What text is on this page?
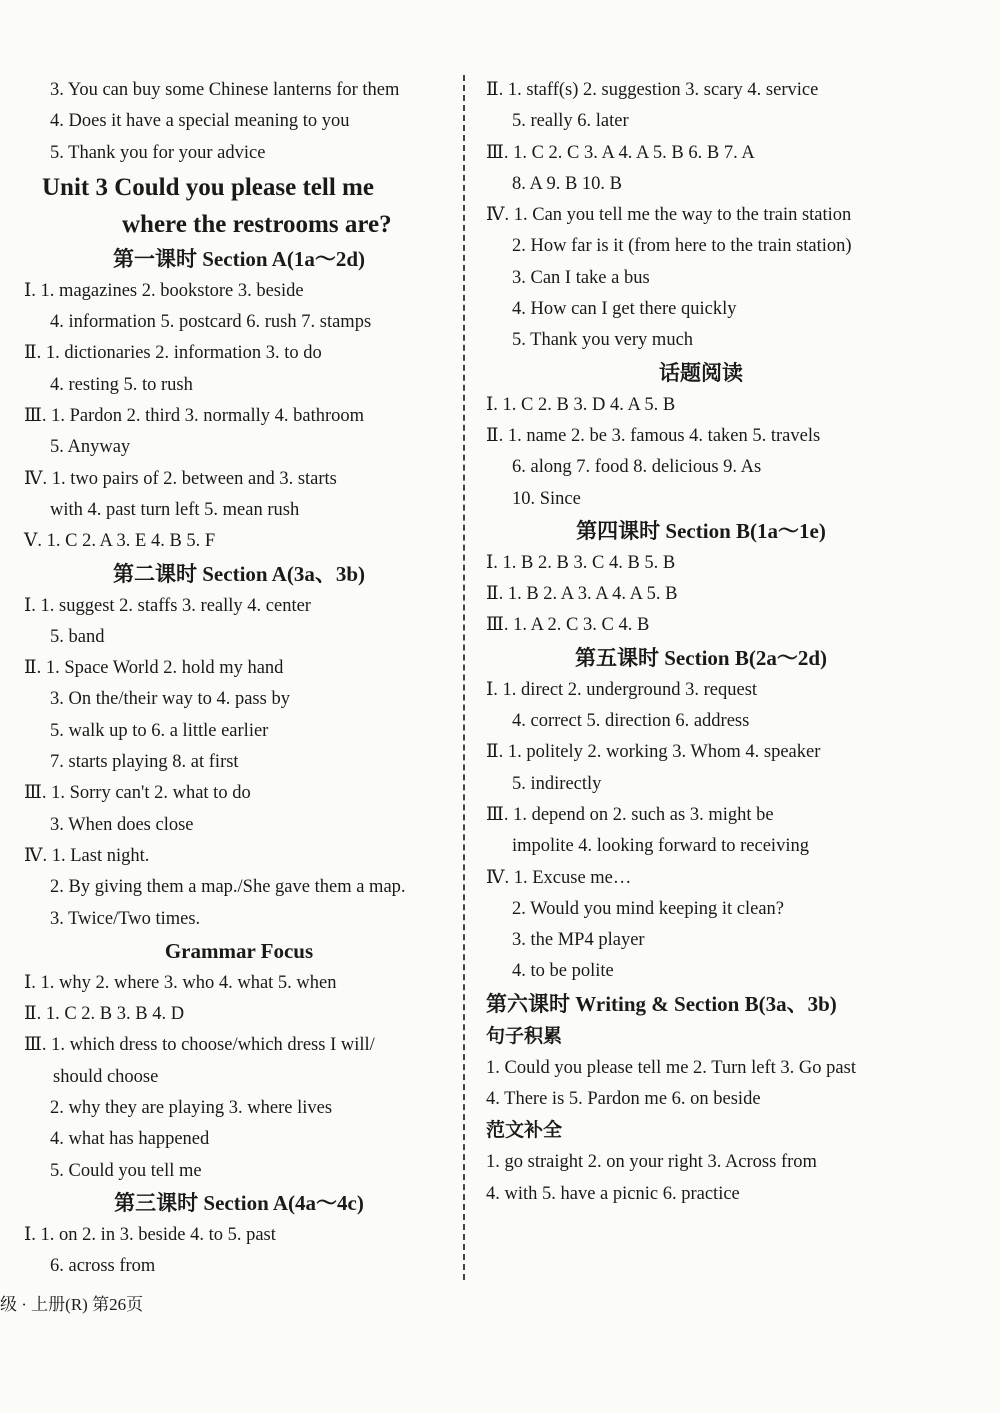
3. You can buy some Chinese lanterns for them
4. Does it have a special meaning to you
5. Thank you for your advice
Unit 3 Could you please tell me
where the restrooms are?
第一课时 Section A(1a～2d)
Ⅰ. 1. magazines 2. bookstore 3. beside
4. information 5. postcard 6. rush 7. stamps
Ⅱ. 1. dictionaries 2. information 3. to do
4. resting 5. to rush
Ⅲ. 1. Pardon 2. third 3. normally 4. bathroom
5. Anyway
Ⅳ. 1. two pairs of 2. between and 3. starts
with 4. past turn left 5. mean rush
Ⅴ. 1. C 2. A 3. E 4. B 5. F
第二课时 Section A(3a、3b)
Ⅰ. 1. suggest 2. staffs 3. really 4. center
5. band
Ⅱ. 1. Space World 2. hold my hand
3. On the/their way to 4. pass by
5. walk up to 6. a little earlier
7. starts playing 8. at first
Ⅲ. 1. Sorry can't 2. what to do
3. When does close
Ⅳ. 1. Last night.
2. By giving them a map./She gave them a map.
3. Twice/Two times.
Grammar Focus
Ⅰ. 1. why 2. where 3. who 4. what 5. when
Ⅱ. 1. C 2. B 3. B 4. D
Ⅲ. 1. which dress to choose/which dress I will/
should choose
2. why they are playing 3. where lives
4. what has happened
5. Could you tell me
第三课时 Section A(4a～4c)
Ⅰ. 1. on 2. in 3. beside 4. to 5. past
6. across from
Ⅱ. 1. staff(s) 2. suggestion 3. scary 4. service
5. really 6. later
Ⅲ. 1. C 2. C 3. A 4. A 5. B 6. B 7. A
8. A 9. B 10. B
Ⅳ. 1. Can you tell me the way to the train station
2. How far is it (from here to the train station)
3. Can I take a bus
4. How can I get there quickly
5. Thank you very much
话题阅读
Ⅰ. 1. C 2. B 3. D 4. A 5. B
Ⅱ. 1. name 2. be 3. famous 4. taken 5. travels
6. along 7. food 8. delicious 9. As
10. Since
第四课时 Section B(1a～1e)
Ⅰ. 1. B 2. B 3. C 4. B 5. B
Ⅱ. 1. B 2. A 3. A 4. A 5. B
Ⅲ. 1. A 2. C 3. C 4. B
第五课时 Section B(2a～2d)
Ⅰ. 1. direct 2. underground 3. request
4. correct 5. direction 6. address
Ⅱ. 1. politely 2. working 3. Whom 4. speaker
5. indirectly
Ⅲ. 1. depend on 2. such as 3. might be
impolite 4. looking forward to receiving
Ⅳ. 1. Excuse me…
2. Would you mind keeping it clean?
3. the MP4 player
4. to be polite
第六课时 Writing & Section B(3a、3b)
句子积累
1. Could you please tell me 2. Turn left 3. Go past
4. There is 5. Pardon me 6. on beside
范文补全
1. go straight 2. on your right 3. Across from
4. with 5. have a picnic 6. practice
级 · 上册(R) 第26页
